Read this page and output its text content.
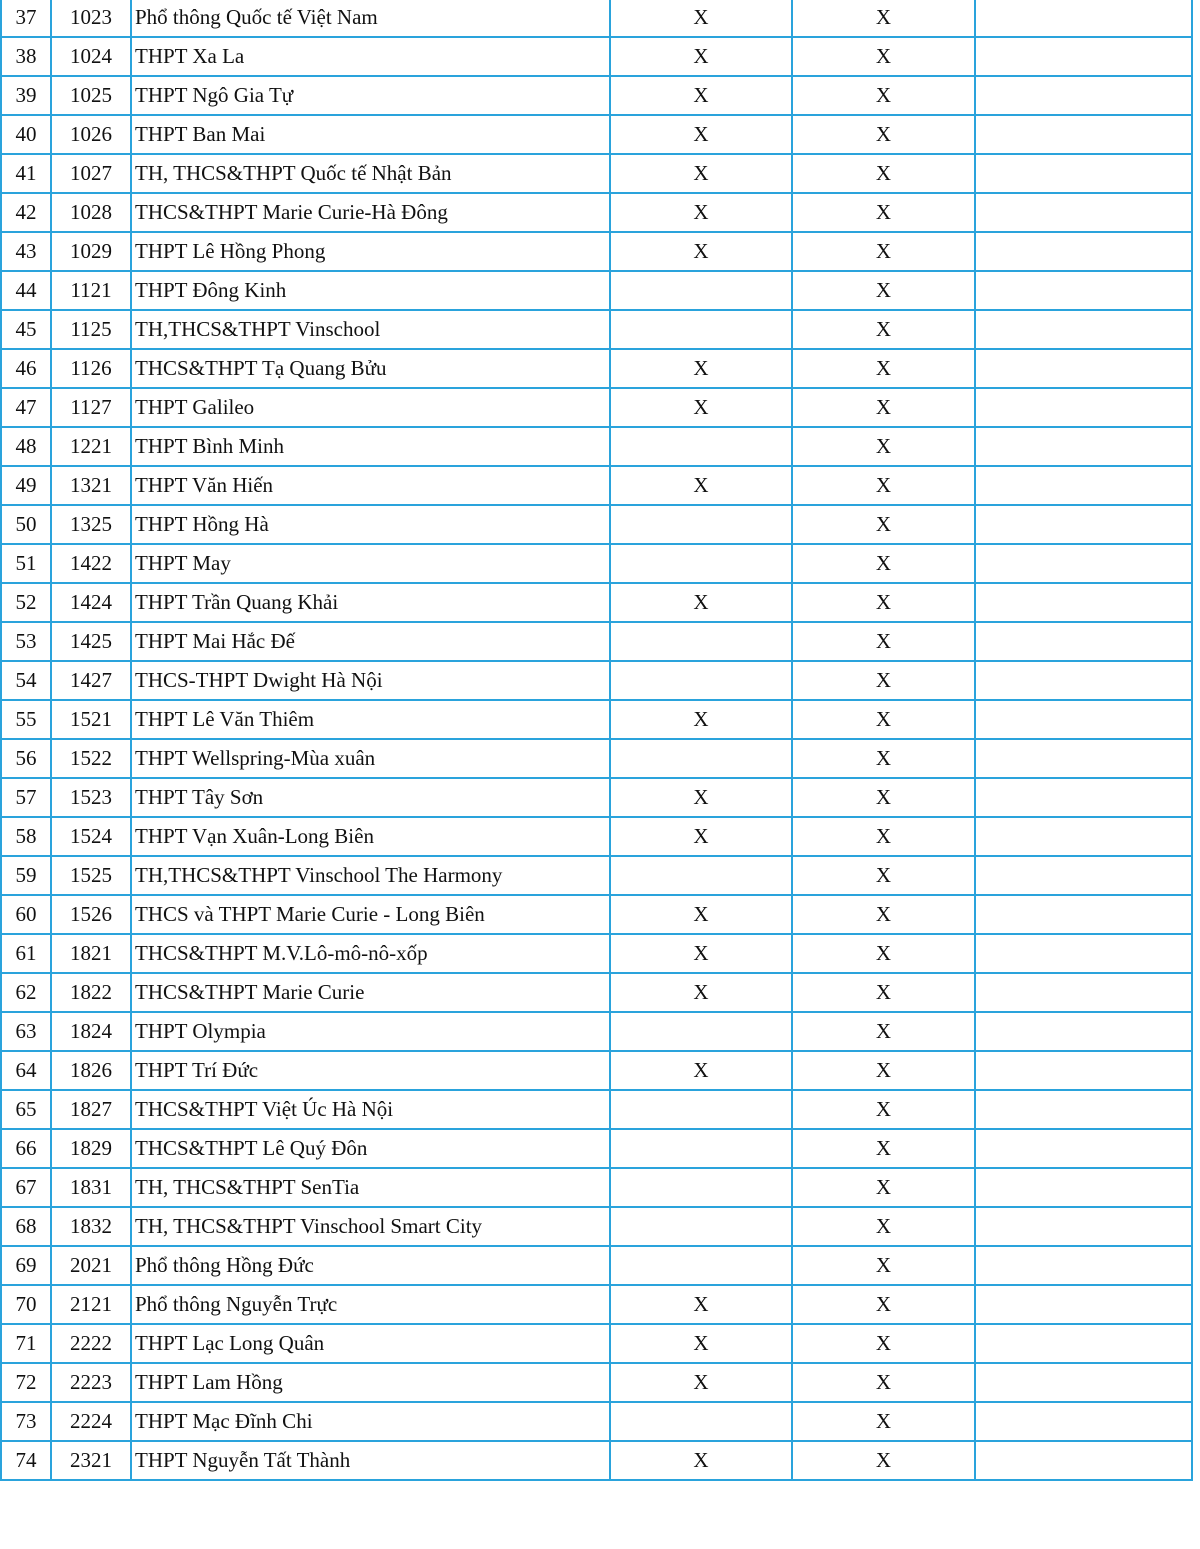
37	1023	Phổ thông Quốc tế Việt Nam	X	X	
38	1024	THPT Xa La	X	X	
39	1025	THPT Ngô Gia Tự	X	X	
40	1026	THPT Ban Mai	X	X	
41	1027	TH, THCS&THPT Quốc tế Nhật Bản	X	X	
42	1028	THCS&THPT Marie Curie-Hà Đông	X	X	
43	1029	THPT Lê Hồng Phong	X	X	
44	1121	THPT Đông Kinh		X	
45	1125	TH,THCS&THPT Vinschool		X	
46	1126	THCS&THPT Tạ Quang Bửu	X	X	
47	1127	THPT Galileo	X	X	
48	1221	THPT Bình Minh		X	
49	1321	THPT Văn Hiến	X	X	
50	1325	THPT Hồng Hà		X	
51	1422	THPT May		X	
52	1424	THPT Trần Quang Khải	X	X	
53	1425	THPT Mai Hắc Đế		X	
54	1427	THCS-THPT Dwight Hà Nội		X	
55	1521	THPT Lê Văn Thiêm	X	X	
56	1522	THPT Wellspring-Mùa xuân		X	
57	1523	THPT Tây Sơn	X	X	
58	1524	THPT Vạn Xuân-Long Biên	X	X	
59	1525	TH,THCS&THPT Vinschool The Harmony		X	
60	1526	THCS và THPT Marie Curie - Long Biên	X	X	
61	1821	THCS&THPT M.V.Lô-mô-nô-xốp	X	X	
62	1822	THCS&THPT Marie Curie	X	X	
63	1824	THPT Olympia		X	
64	1826	THPT Trí Đức	X	X	
65	1827	THCS&THPT Việt Úc Hà Nội		X	
66	1829	THCS&THPT Lê Quý Đôn		X	
67	1831	TH, THCS&THPT SenTia		X	
68	1832	TH, THCS&THPT Vinschool Smart City		X	
69	2021	Phổ thông Hồng Đức		X	
70	2121	Phổ thông Nguyễn Trực	X	X	
71	2222	THPT Lạc Long Quân	X	X	
72	2223	THPT Lam Hồng	X	X	
73	2224	THPT Mạc Đĩnh Chi		X	
74	2321	THPT Nguyễn Tất Thành	X	X	
